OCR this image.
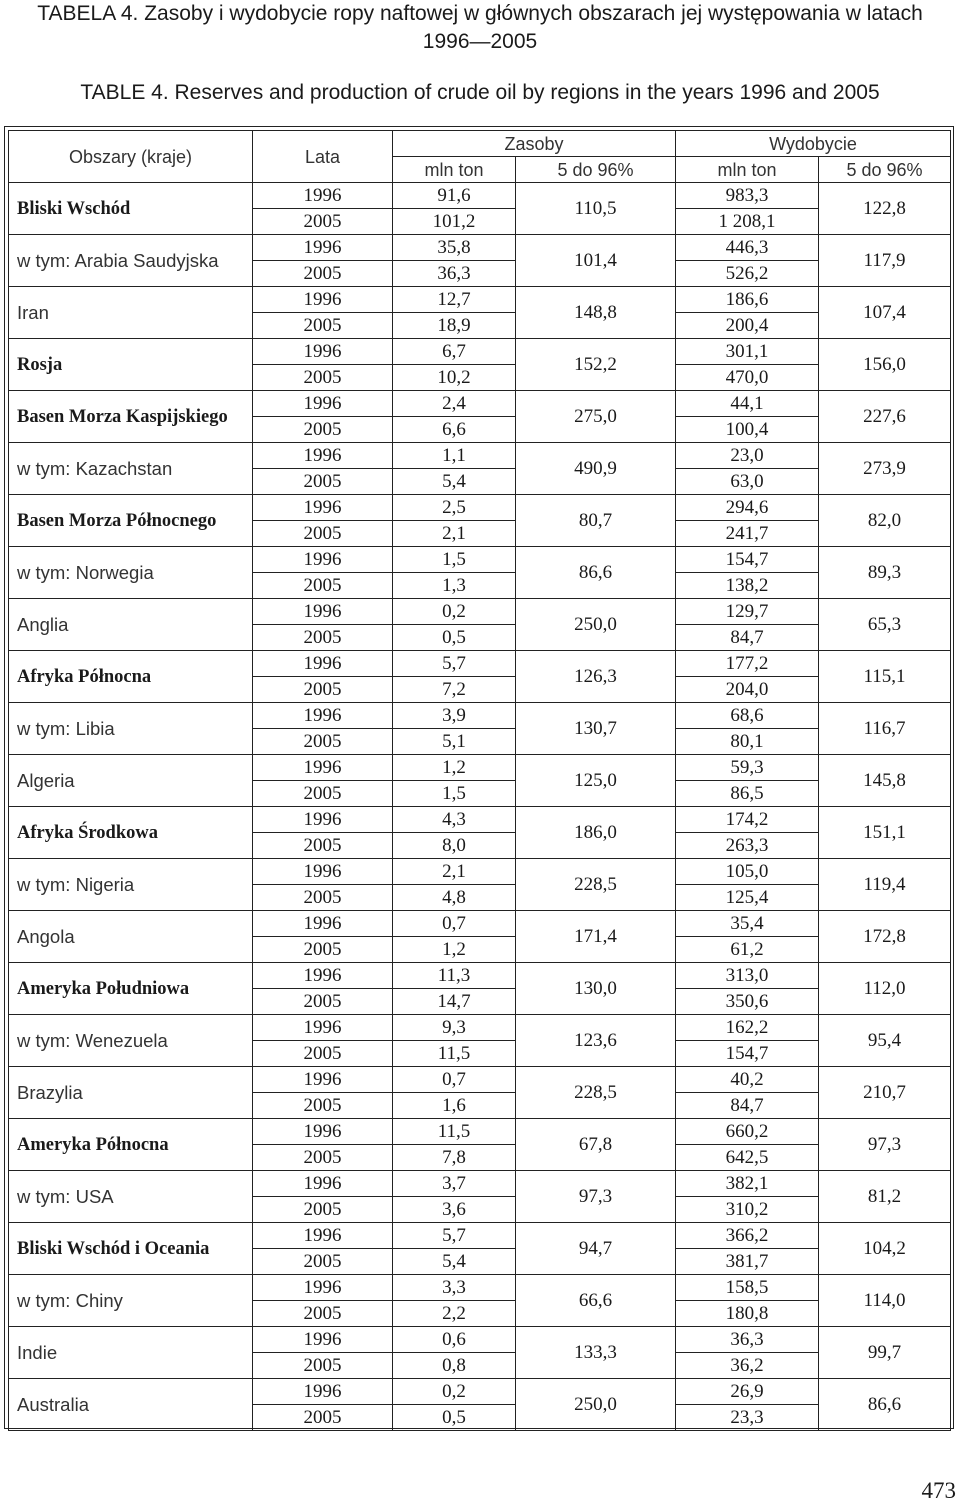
TABELA 4. Zasoby i wydobycie ropy naftowej w głównych obszarach jej występowania w latach
1996—2005
TABLE 4. Reserves and production of crude oil by regions in the years 1996 and 2005
Obszary (kraje)	Lata	Zasoby		Wydobycie	
		mln ton	5 do 96%	mln ton	5 do 96%
Bliski Wschód	1996	91,6	110,5	983,3	122,8
	2005	101,2		1 208,1	
w tym: Arabia Saudyjska	1996	35,8	101,4	446,3	117,9
	2005	36,3		526,2	
Iran	1996	12,7	148,8	186,6	107,4
	2005	18,9		200,4	
Rosja	1996	6,7	152,2	301,1	156,0
	2005	10,2		470,0	
Basen Morza Kaspijskiego	1996	2,4	275,0	44,1	227,6
	2005	6,6		100,4	
w tym: Kazachstan	1996	1,1	490,9	23,0	273,9
	2005	5,4		63,0	
Basen Morza Północnego	1996	2,5	80,7	294,6	82,0
	2005	2,1		241,7	
w tym: Norwegia	1996	1,5	86,6	154,7	89,3
	2005	1,3		138,2	
Anglia	1996	0,2	250,0	129,7	65,3
	2005	0,5		84,7	
Afryka Północna	1996	5,7	126,3	177,2	115,1
	2005	7,2		204,0	
w tym: Libia	1996	3,9	130,7	68,6	116,7
	2005	5,1		80,1	
Algeria	1996	1,2	125,0	59,3	145,8
	2005	1,5		86,5	
Afryka Środkowa	1996	4,3	186,0	174,2	151,1
	2005	8,0		263,3	
w tym: Nigeria	1996	2,1	228,5	105,0	119,4
	2005	4,8		125,4	
Angola	1996	0,7	171,4	35,4	172,8
	2005	1,2		61,2	
Ameryka Południowa	1996	11,3	130,0	313,0	112,0
	2005	14,7		350,6	
w tym: Wenezuela	1996	9,3	123,6	162,2	95,4
	2005	11,5		154,7	
Brazylia	1996	0,7	228,5	40,2	210,7
	2005	1,6		84,7	
Ameryka Północna	1996	11,5	67,8	660,2	97,3
	2005	7,8		642,5	
w tym: USA	1996	3,7	97,3	382,1	81,2
	2005	3,6		310,2	
Bliski Wschód i Oceania	1996	5,7	94,7	366,2	104,2
	2005	5,4		381,7	
w tym: Chiny	1996	3,3	66,6	158,5	114,0
	2005	2,2		180,8	
Indie	1996	0,6	133,3	36,3	99,7
	2005	0,8		36,2	
Australia	1996	0,2	250,0	26,9	86,6
	2005	0,5		23,3	
473
